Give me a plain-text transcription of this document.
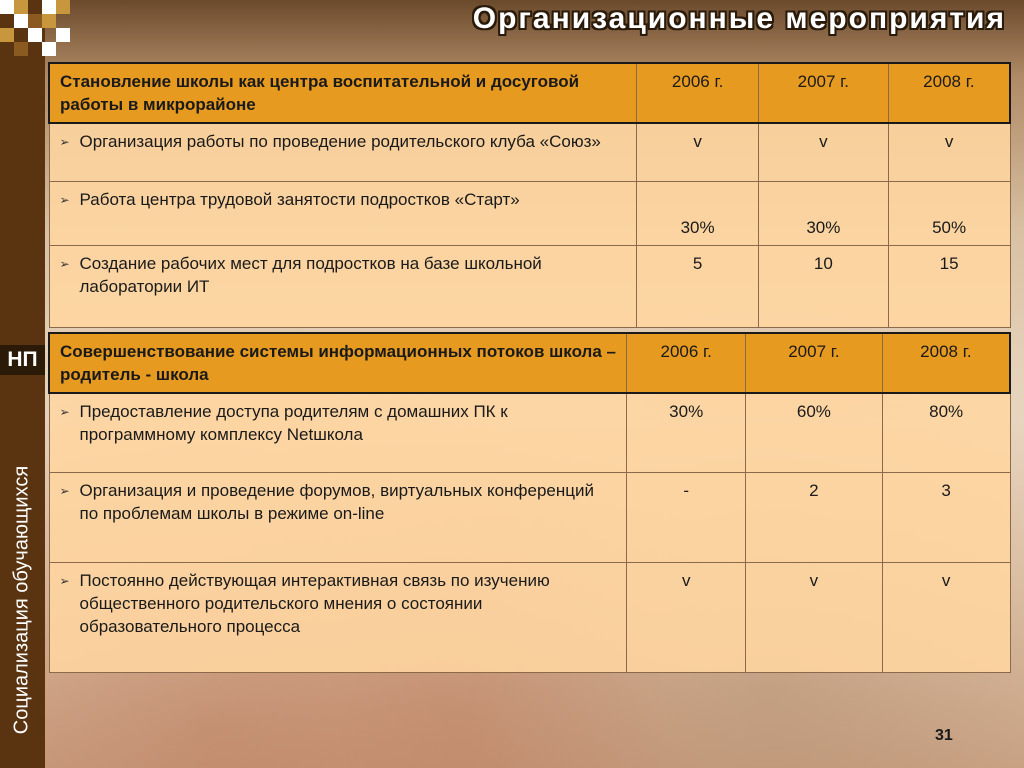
Социализация обучающихся
НП
Организационные мероприятия
Становление школы как центра воспитательной и досуговой работы в микрорайоне	2006 г.	2007 г.	2008 г.

➢ Организация работы по проведение родительского клуба «Союз»	v	v	v

➢ Работа центра трудовой занятости подростков «Старт»	30%	30%	50%

➢ Создание рабочих мест для подростков на базе школьной лаборатории ИТ	5	10	15
Совершенствование системы информационных потоков школа – родитель - школа	2006 г.	2007 г.	2008 г.

➢ Предоставление доступа родителям с домашних ПК к программному комплексу Netшкола	30%	60%	80%

➢ Организация и проведение форумов, виртуальных конференций по проблемам школы в режиме on-line	-	2	3

➢ Постоянно действующая интерактивная связь по изучению общественного родительского мнения о состоянии образовательного процесса	v	v	v
31
